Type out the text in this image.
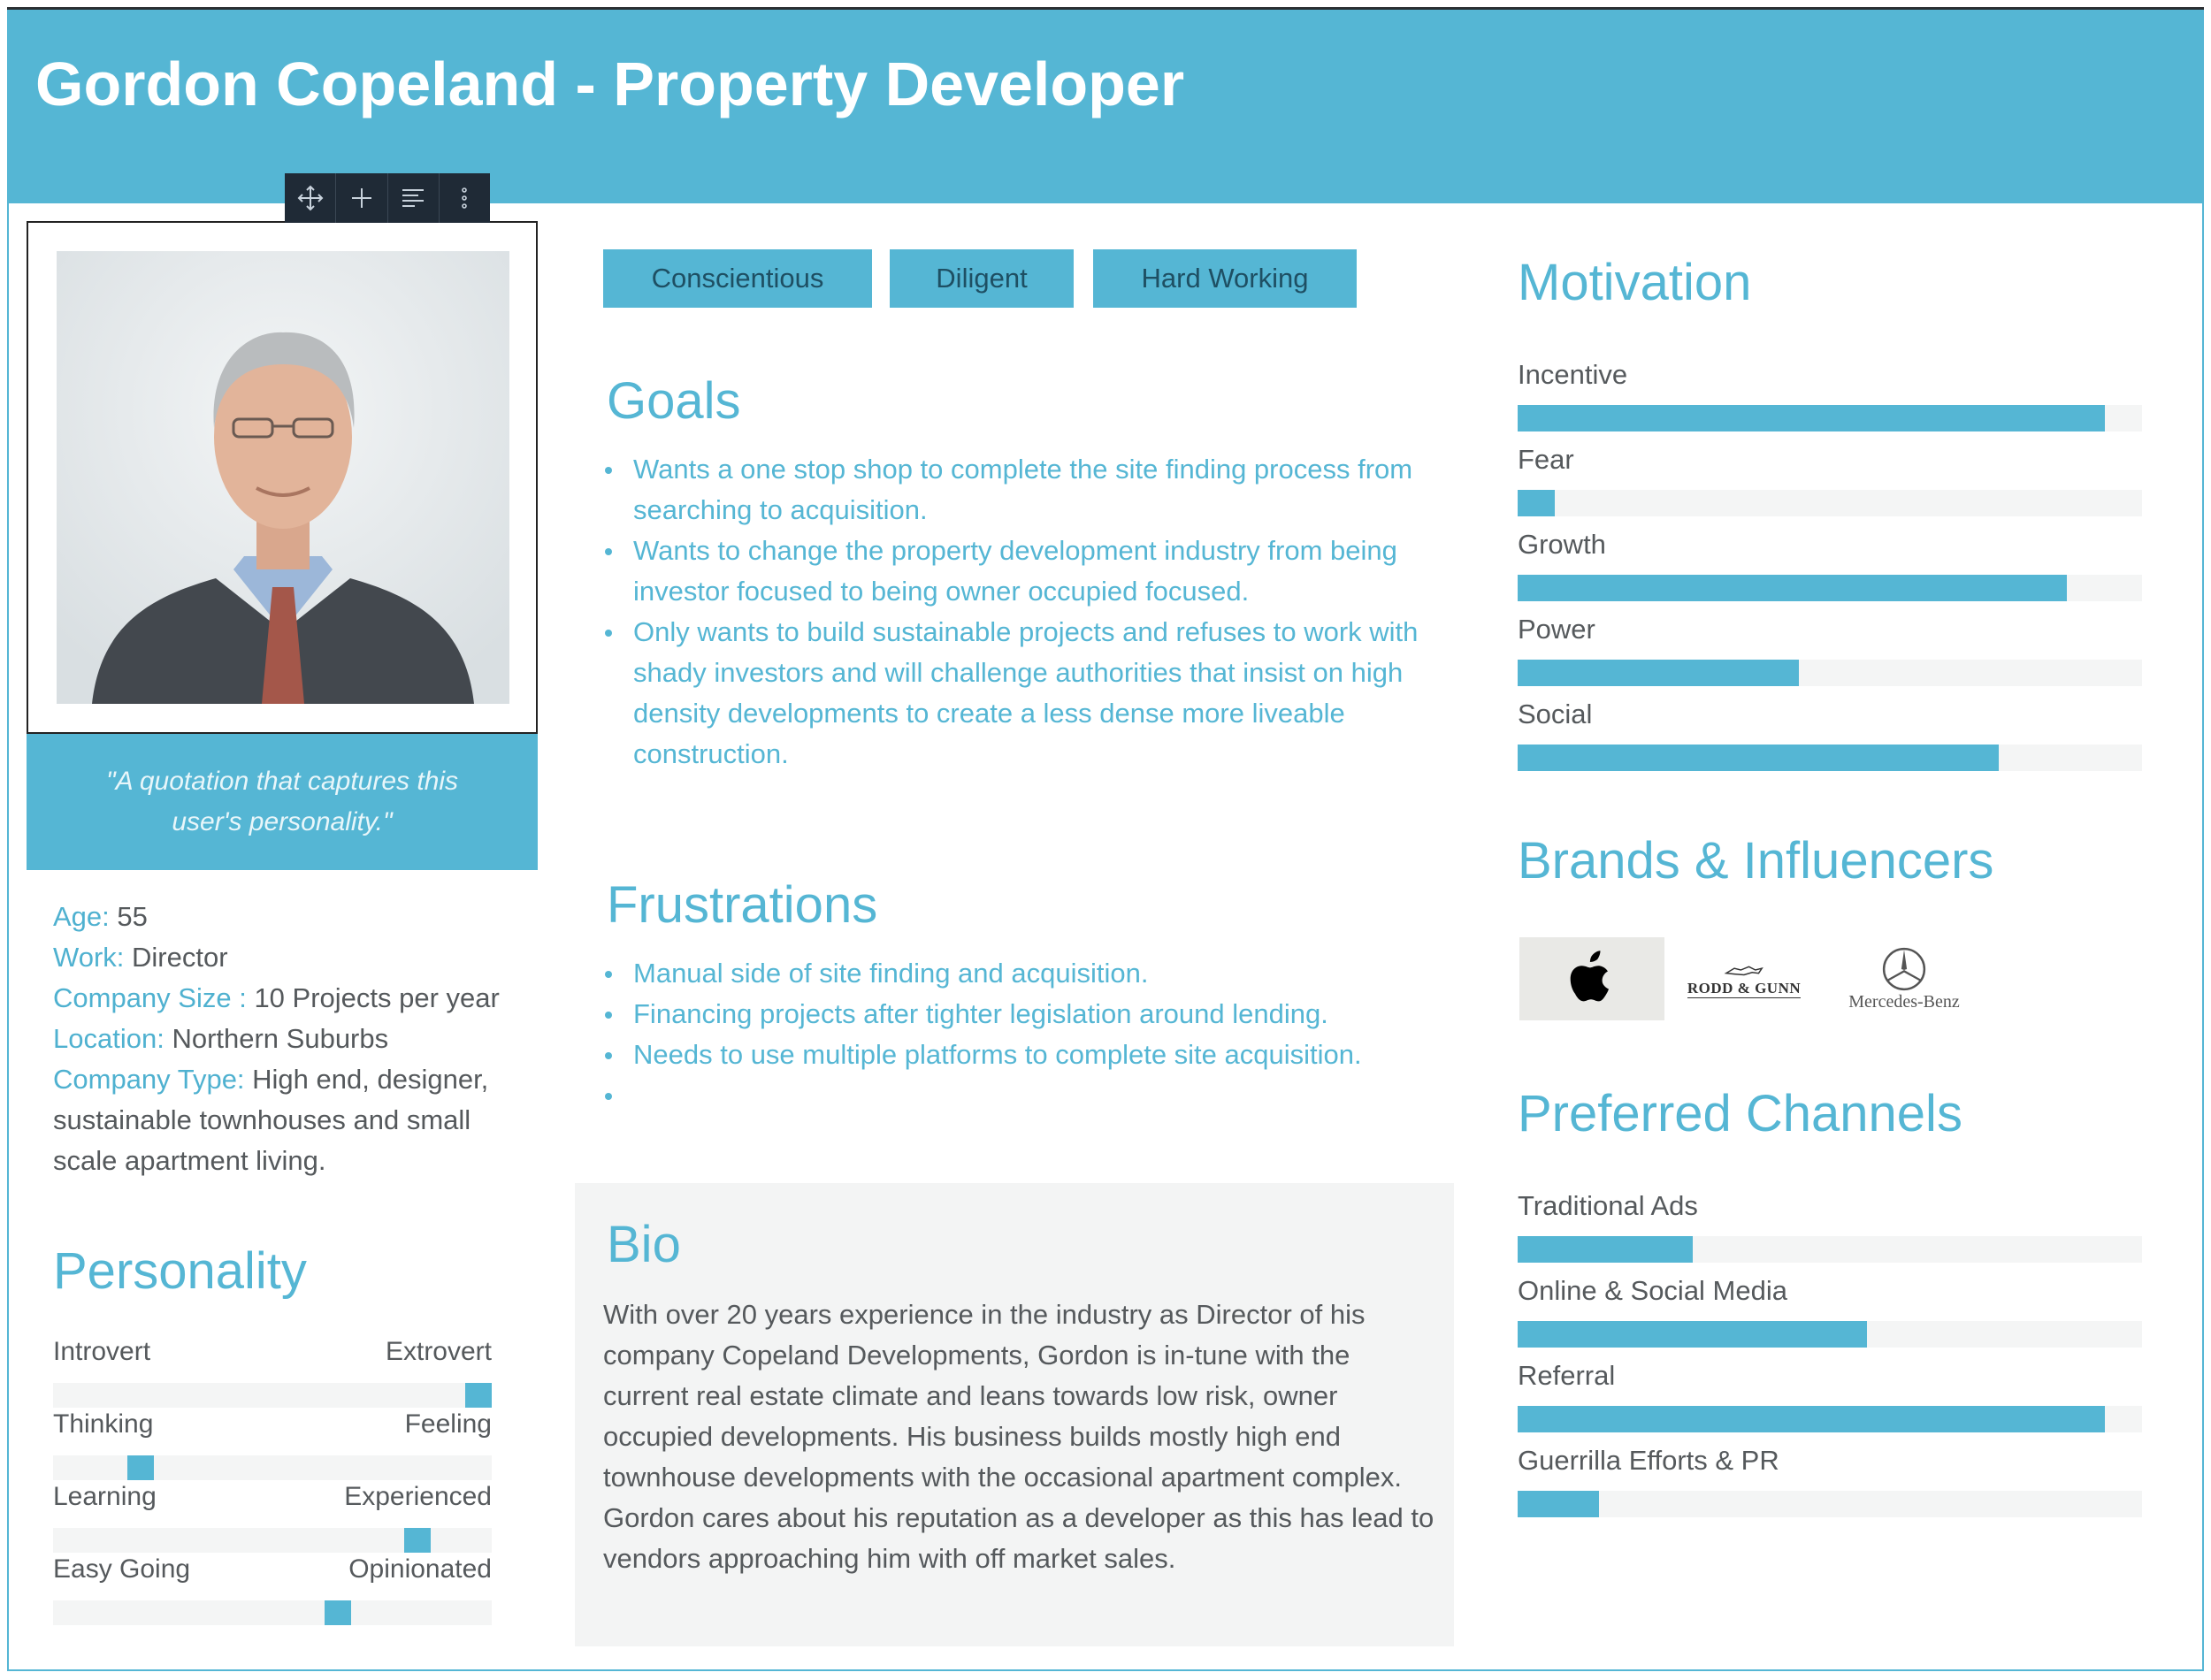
Gordon Copeland - Property Developer
"A quotation that captures this user's personality."
Age: 55
Work: Director
Company Size : 10 Projects per year
Location: Northern Suburbs
Company Type: High end, designer, sustainable townhouses and small scale apartment living.
Personality
Introvert	Extrovert
Thinking	Feeling
Learning	Experienced
Easy Going	Opinionated
Conscientious	Diligent	Hard Working
Goals
Wants a one stop shop to complete the site finding process from searching to acquisition.
Wants to change the property development industry from being investor focused to being owner occupied focused.
Only wants to build sustainable projects and refuses to work with shady investors and will challenge authorities that insist on high density developments to create a less dense more liveable construction.
Frustrations
Manual side of site finding and acquisition.
Financing projects after tighter legislation around lending.
Needs to use multiple platforms to complete site acquisition.
Bio

With over 20 years experience in the industry as Director of his company Copeland Developments, Gordon is in-tune with the current real estate climate and leans towards low risk, owner occupied developments. His business builds mostly high end townhouse developments with the occasional apartment complex. Gordon cares about his reputation as a developer as this has lead to vendors approaching him with off market sales.

Motivation
Incentive
Fear
Growth
Power
Social
Brands & Influencers
RODD & GUNN
Mercedes-Benz
Preferred Channels
Traditional Ads
Online & Social Media
Referral
Guerrilla Efforts & PR
